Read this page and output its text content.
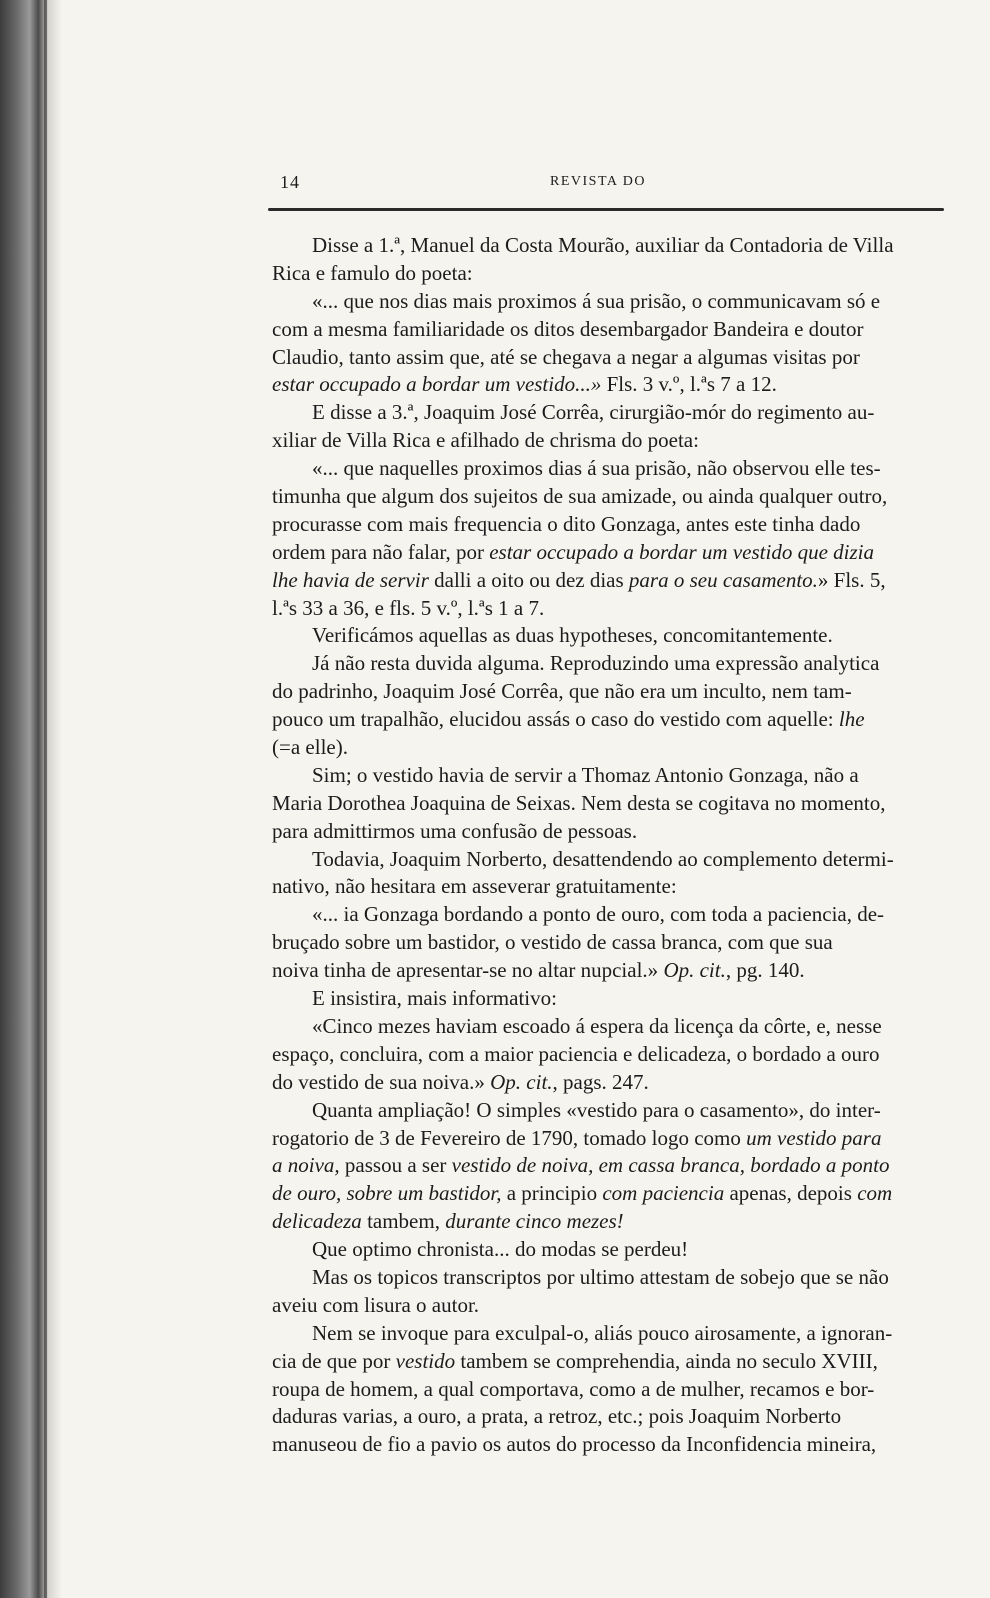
14	REVISTA DO
Disse a 1.ª, Manuel da Costa Mourão, auxiliar da Contadoria de Villa
Rica e famulo do poeta:
«... que nos dias mais proximos á sua prisão, o communicavam só e
com a mesma familiaridade os ditos desembargador Bandeira e doutor
Claudio, tanto assim que, até se chegava a negar a algumas visitas por
estar occupado a bordar um vestido...» Fls. 3 v.º, l.ªs 7 a 12.
E disse a 3.ª, Joaquim José Corrêa, cirurgião-mór do regimento au-
xiliar de Villa Rica e afilhado de chrisma do poeta:
«... que naquelles proximos dias á sua prisão, não observou elle tes-
timunha que algum dos sujeitos de sua amizade, ou ainda qualquer outro,
procurasse com mais frequencia o dito Gonzaga, antes este tinha dado
ordem para não falar, por estar occupado a bordar um vestido que dizia
lhe havia de servir dalli a oito ou dez dias para o seu casamento.» Fls. 5,
l.ªs 33 a 36, e fls. 5 v.º, l.ªs 1 a 7.
Verificámos aquellas as duas hypotheses, concomitantemente.
Já não resta duvida alguma. Reproduzindo uma expressão analytica
do padrinho, Joaquim José Corrêa, que não era um inculto, nem tam-
pouco um trapalhão, elucidou assás o caso do vestido com aquelle: lhe
(=a elle).
Sim; o vestido havia de servir a Thomaz Antonio Gonzaga, não a
Maria Dorothea Joaquina de Seixas. Nem desta se cogitava no momento,
para admittirmos uma confusão de pessoas.
Todavia, Joaquim Norberto, desattendendo ao complemento determi-
nativo, não hesitara em asseverar gratuitamente:
«... ia Gonzaga bordando a ponto de ouro, com toda a paciencia, de-
bruçado sobre um bastidor, o vestido de cassa branca, com que sua
noiva tinha de apresentar-se no altar nupcial.» Op. cit., pg. 140.
E insistira, mais informativo:
«Cinco mezes haviam escoado á espera da licença da côrte, e, nesse
espaço, concluira, com a maior paciencia e delicadeza, o bordado a ouro
do vestido de sua noiva.» Op. cit., pags. 247.
Quanta ampliação! O simples «vestido para o casamento», do inter-
rogatorio de 3 de Fevereiro de 1790, tomado logo como um vestido para
a noiva, passou a ser vestido de noiva, em cassa branca, bordado a ponto
de ouro, sobre um bastidor, a principio com paciencia apenas, depois com
delicadeza tambem, durante cinco mezes!
Que optimo chronista... do modas se perdeu!
Mas os topicos transcriptos por ultimo attestam de sobejo que se não
aveiu com lisura o autor.
Nem se invoque para exculpal-o, aliás pouco airosamente, a ignoran-
cia de que por vestido tambem se comprehendia, ainda no seculo XVIII,
roupa de homem, a qual comportava, como a de mulher, recamos e bor-
daduras varias, a ouro, a prata, a retroz, etc.; pois Joaquim Norberto
manuseou de fio a pavio os autos do processo da Inconfidencia mineira,
